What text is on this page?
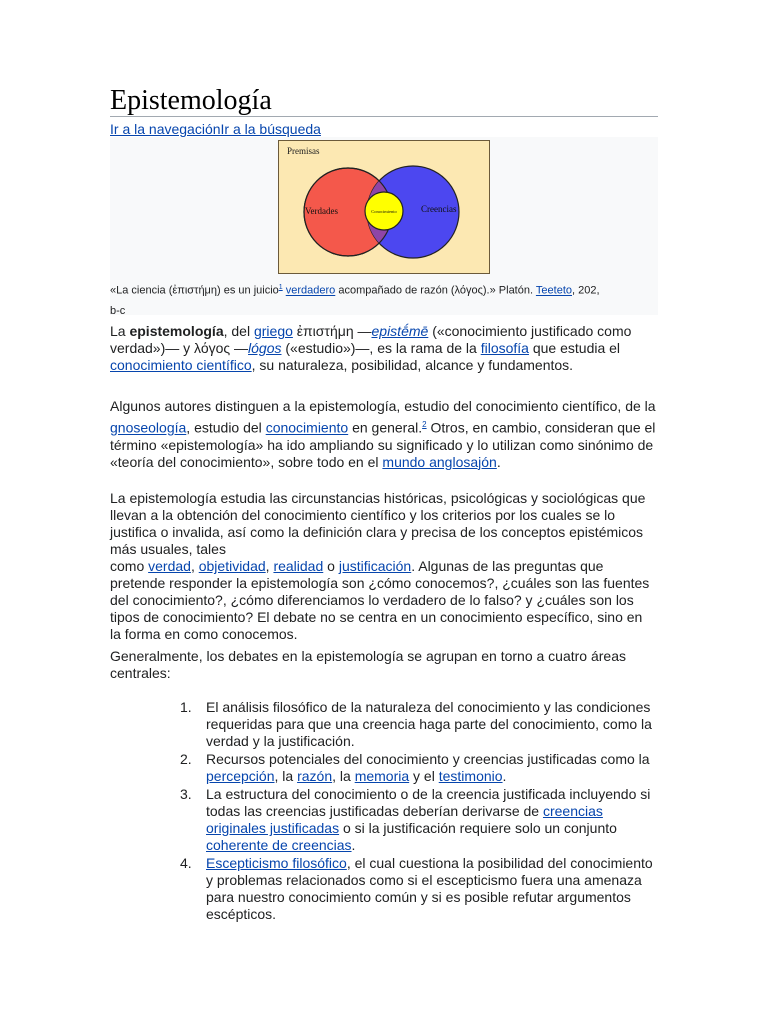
Epistemología
Ir a la navegaciónIr a la búsqueda
Premisas
Verdades	Creencias
Conocimiento
«La ciencia (ἐπιστήμη) es un juicio$^1$ verdadero acompañado de razón (λόγος).» Platón. Teeteto, 202,
b-c

La epistemología, del griego ἐπιστήμη —epistḗmē («conocimiento justificado como verdad»)— y λόγος —lógos («estudio»)—, es la rama de la filosofía que estudia el conocimiento científico, su naturaleza, posibilidad, alcance y fundamentos.

Algunos autores distinguen a la epistemología, estudio del conocimiento científico, de la gnoseología, estudio del conocimiento en general.$^2$ Otros, en cambio, consideran que el término «epistemología» ha ido ampliando su significado y lo utilizan como sinónimo de «teoría del conocimiento», sobre todo en el mundo anglosajón.

La epistemología estudia las circunstancias históricas, psicológicas y sociológicas que llevan a la obtención del conocimiento científico y los criterios por los cuales se lo justifica o invalida, así como la definición clara y precisa de los conceptos epistémicos más usuales, tales
como verdad, objetividad, realidad o justificación. Algunas de las preguntas que pretende responder la epistemología son ¿cómo conocemos?, ¿cuáles son las fuentes del conocimiento?, ¿cómo diferenciamos lo verdadero de lo falso? y ¿cuáles son los tipos de conocimiento? El debate no se centra en un conocimiento específico, sino en la forma en como conocemos.

Generalmente, los debates en la epistemología se agrupan en torno a cuatro áreas centrales:

1. El análisis filosófico de la naturaleza del conocimiento y las condiciones requeridas para que una creencia haga parte del conocimiento, como la verdad y la justificación.
2. Recursos potenciales del conocimiento y creencias justificadas como la percepción, la razón, la memoria y el testimonio.
3. La estructura del conocimiento o de la creencia justificada incluyendo si todas las creencias justificadas deberían derivarse de creencias originales justificadas o si la justificación requiere solo un conjunto coherente de creencias.
4. Escepticismo filosófico, el cual cuestiona la posibilidad del conocimiento y problemas relacionados como si el escepticismo fuera una amenaza para nuestro conocimiento común y si es posible refutar argumentos escépticos.
